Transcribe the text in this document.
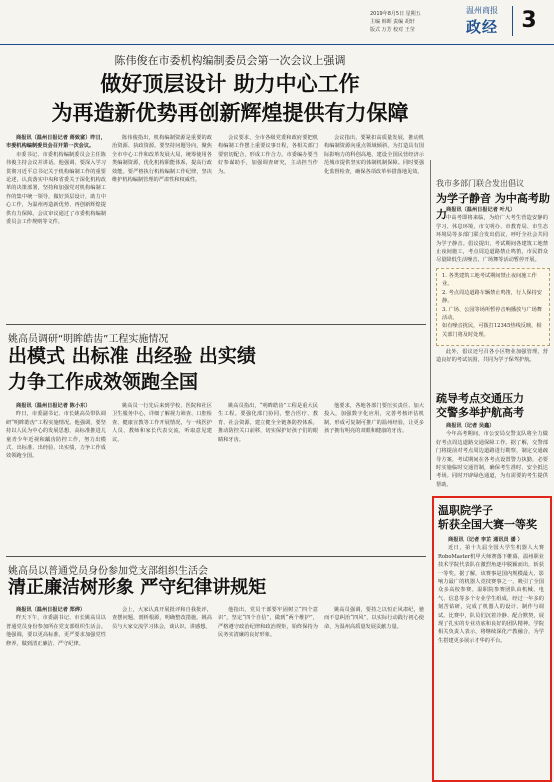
2019年8月5日 星期五
主编 韩晖 责编 胡轩
版式 万芳 校对 王莹
温州商报
政经	3
陈伟俊在市委机构编制委员会第一次会议上强调
做好顶层设计 助力中心工作
为再造新优势再创新辉煌提供有力保障

商报讯（温州日报记者 蒋致富）昨日，市委机构编制委员会召开第一次会议。

市委书记、市委机构编制委员会主任陈伟俊主持会议并讲话。他强调，要深入学习贯彻习近平总书记关于机构编制工作的重要论述，认真落实中央和省委关于深化机构改革的决策部署，坚持和加强党对机构编制工作的集中统一领导，做好顶层设计，助力中心工作，为温州再造新优势、再创新辉煌提供有力保障。会议审议通过了市委机构编制委员会工作规则等文件。

陈伟俊指出，机构编制资源是重要的政治资源、执政资源。要坚持问题导向，聚焦全市中心工作和改革发展大局，统筹使用各类编制资源，优化机构职能体系，提高行政效能。要严格执行机构编制工作纪律，坚决维护机构编制管理的严肃性和权威性。

会议要求，全市各级党委和政府要把机构编制工作摆上重要议事日程，各相关部门要密切配合，形成工作合力。市委编办要当好参谋助手，加强调查研究，主动担当作为。

会议指出，要紧扣高质量发展，推动机构编制资源向重点领域倾斜，为打造具有国际影响力的科创高地、建设全国民营经济示范城市提供坚实的体制机制保障。同时要强化监督检查，确保各项改革举措落地见效。

我市多部门联合发出倡议
为学子静音 为中高考助力 商报讯（温州日报记者 叶凡）

中高考即将来临，为给广大考生营造安静的学习、休息环境，市文明办、市教育局、市生态环境局等多部门联合发出倡议，呼吁全社会共同为学子静音。倡议提出，考试期间各建筑工地禁止夜间施工，考点周边道路禁止鸣笛，市民群众尽量降低生活噪音，广场舞等活动暂停开展。

1. 各类建筑工地考试期间禁止夜间施工作业。
2. 考点周边道路车辆禁止鸣笛，行人保持安静。
3. 广场、公园等场所暂停音响播放与广场舞活动。
如有噪音扰民，可拨打12345热线反映，相关部门将及时处理。

此外，倡议还号召各小区物业加强管理，营造良好的考试氛围，共同为学子保驾护航。

姚高员调研“明眸皓齿”工程实施情况
出模式 出标准 出经验 出实绩
力争工作成效领跑全国

商报讯（温州日报记者 陈小东）

昨日，市委副书记、市长姚高员带队调研“明眸皓齿”工程实施情况。他强调，要坚持以人民为中心的发展思想，高标准推进儿童青少年近视和龋齿防控工作，努力出模式、出标准、出经验、出实绩，力争工作成效领跑全国。

姚高员一行先后来到学校、医院和社区卫生服务中心，详细了解视力筛查、口腔检查、健康宣教等工作开展情况，与一线医护人员、教师和家长代表交流，听取意见建议。

姚高员指出，“明眸皓齿”工程是重大民生工程。要强化部门协同，整合医疗、教育、社会资源，建立健全全链条防控体系，推动防控关口前移，切实保护好孩子们的眼睛和牙齿。

他要求，各地各部门要压实责任、加大投入，加强数字化应用，完善考核评估机制，形成可复制可推广的温州经验，让更多孩子拥有明亮的双眼和健康的牙齿。

疏导考点交通压力
交警多举护航高考

商报讯（记者 吴鑫）

今年高考期间，市公安局交警支队将全力做好考点周边道路交通保障工作。据了解，交警部门将提前对考点周边道路进行勘察，制定交通疏导方案，考试期间在各考点设置警力执勤，必要时实施临时交通管制，确保考生准时、安全抵达考场。同时开辟绿色通道，为有需要的考生提供帮助。

温职院学子
斩获全国大赛一等奖

商报讯（记者 李芷 通讯员 潘 ）

近日，第十九届全国大学生机器人大赛RoboMaster机甲大师赛落下帷幕，温州职业技术学院代表队在激烈角逐中脱颖而出，斩获一等奖。据了解，该赛事是国内规模最大、影响力最广的机器人竞技赛事之一，吸引了全国众多高校参赛。温职院参赛团队由机械、电气、信息等多个专业学生组成，经过一年多的刻苦钻研，完成了机器人的设计、制作与调试。比赛中，队员们沉着冷静、配合默契，展现了扎实的专业功底和良好的团队精神。学院相关负责人表示，将继续深化产教融合，为学生搭建更多展示才华的平台。

姚高员以普通党员身份参加党支部组织生活会
清正廉洁树形象 严守纪律讲规矩

商报讯（温州日报记者 郑烨）

昨天下午，市委副书记、市长姚高员以普通党员身份参加所在党支部组织生活会。他强调，要以更高标准、更严要求加强党性修养，做到清正廉洁、严守纪律。

会上，大家认真开展批评和自我批评，查摆问题，剖析根源，明确整改措施。姚高员与大家交流学习体会，谈认识、讲感想。

他指出，党员干部要牢固树立“四个意识”，坚定“四个自信”，做到“两个维护”，严格遵守政治纪律和政治规矩，始终保持为民务实清廉的良好形象。

姚高员强调，要持之以恒正风肃纪，驰而不息纠治“四风”，以实际行动践行初心使命，为温州高质量发展贡献力量。
